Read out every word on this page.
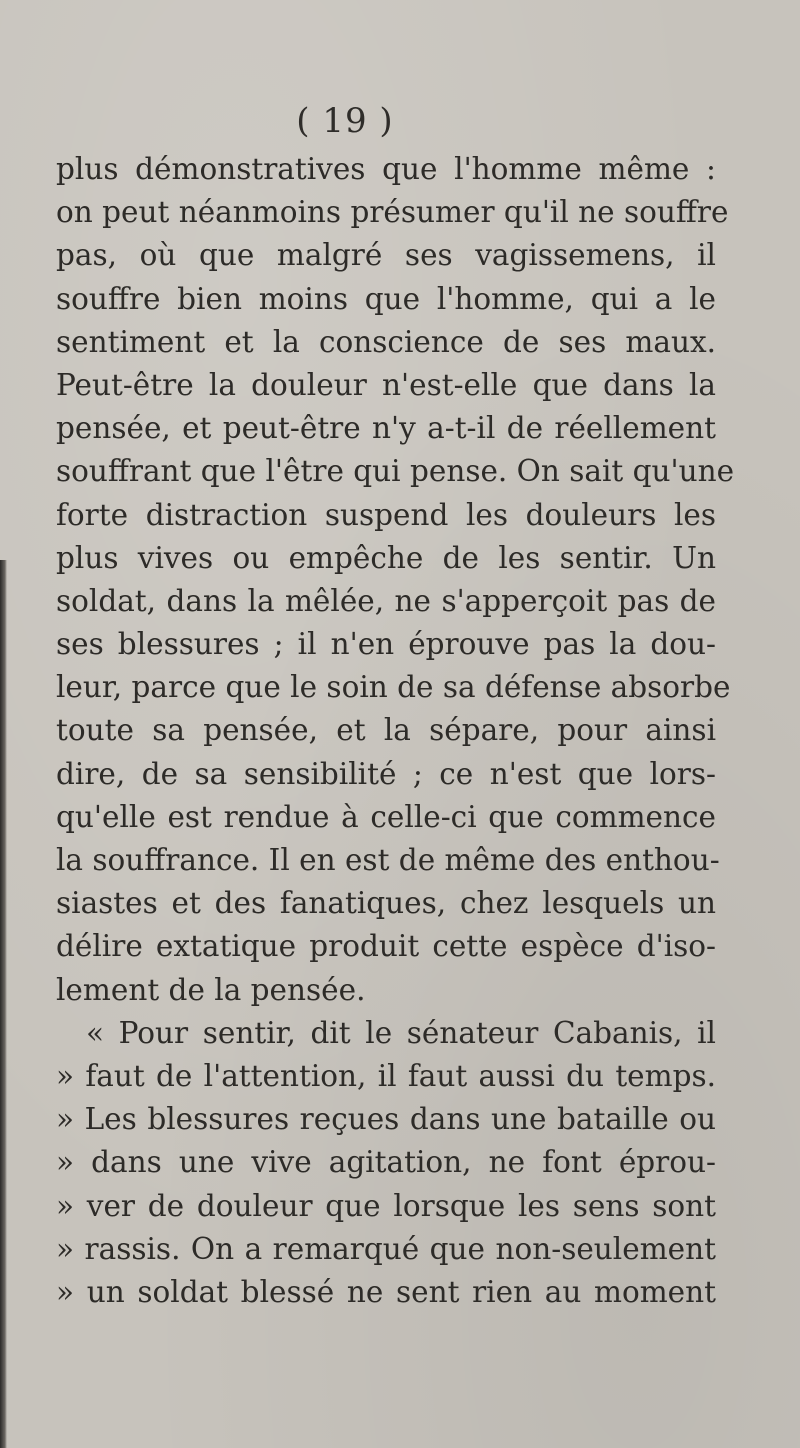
( 19 )
plus démonstratives que l'homme même :
on peut néanmoins présumer qu'il ne souffre
pas, où que malgré ses vagissemens, il
souffre bien moins que l'homme, qui a le
sentiment et la conscience de ses maux.
Peut-être la douleur n'est-elle que dans la
pensée, et peut-être n'y a-t-il de réellement
souffrant que l'être qui pense. On sait qu'une
forte distraction suspend les douleurs les
plus vives ou empêche de les sentir. Un
soldat, dans la mêlée, ne s'apperçoit pas de
ses blessures ; il n'en éprouve pas la dou-
leur, parce que le soin de sa défense absorbe
toute sa pensée, et la sépare, pour ainsi
dire, de sa sensibilité ; ce n'est que lors-
qu'elle est rendue à celle-ci que commence
la souffrance. Il en est de même des enthou-
siastes et des fanatiques, chez lesquels un
délire extatique produit cette espèce d'iso-
lement de la pensée.
« Pour sentir, dit le sénateur Cabanis, il
» faut de l'attention, il faut aussi du temps.
» Les blessures reçues dans une bataille ou
» dans une vive agitation, ne font éprou-
» ver de douleur que lorsque les sens sont
» rassis. On a remarqué que non-seulement
» un soldat blessé ne sent rien au moment
